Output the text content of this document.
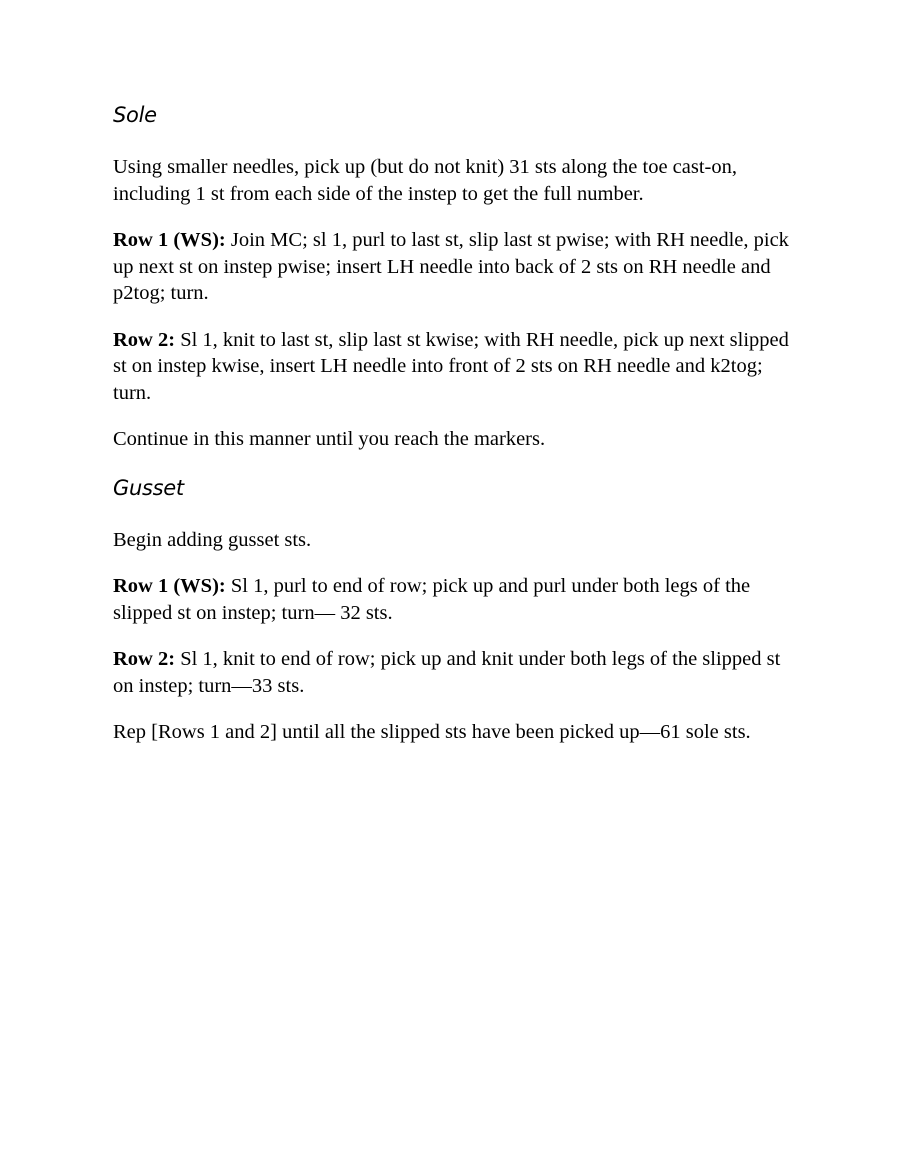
Sole

Using smaller needles, pick up (but do not knit) 31 sts along the toe cast-on, including 1 st from each side of the instep to get the full number.

Row 1 (WS): Join MC; sl 1, purl to last st, slip last st pwise; with RH needle, pick up next st on instep pwise; insert LH needle into back of 2 sts on RH needle and p2tog; turn.

Row 2: Sl 1, knit to last st, slip last st kwise; with RH needle, pick up next slipped st on instep kwise, insert LH needle into front of 2 sts on RH needle and k2tog; turn.

Continue in this manner until you reach the markers.

Gusset

Begin adding gusset sts.

Row 1 (WS): Sl 1, purl to end of row; pick up and purl under both legs of the slipped st on instep; turn— 32 sts.

Row 2: Sl 1, knit to end of row; pick up and knit under both legs of the slipped st on instep; turn—33 sts.

Rep [Rows 1 and 2] until all the slipped sts have been picked up—61 sole sts.
